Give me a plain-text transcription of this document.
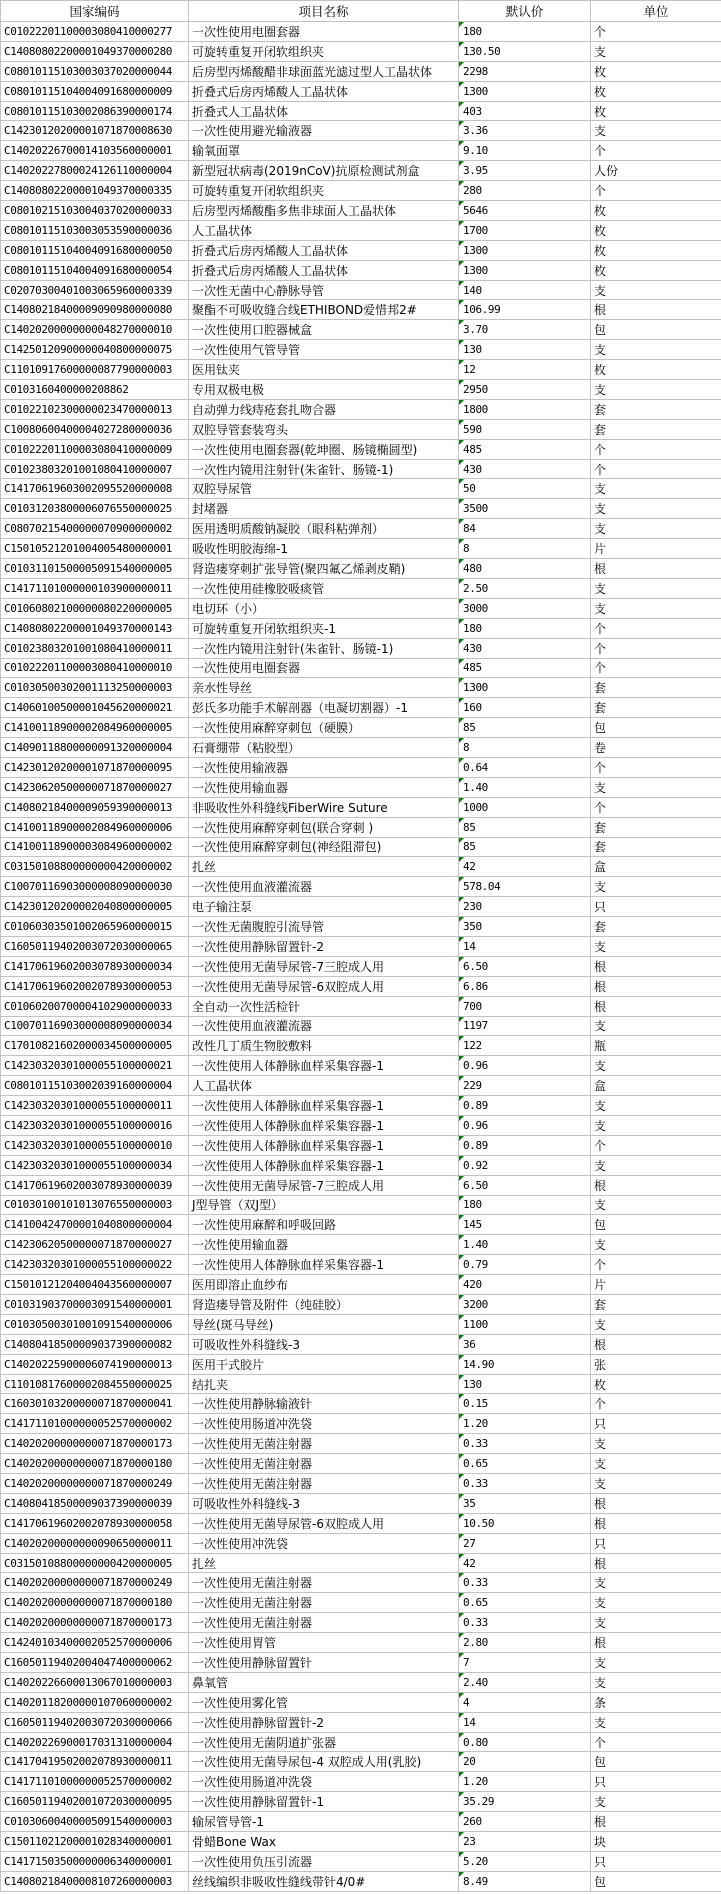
国家编码	项目名称	默认价	单位
C01022201100003080410000277	一次性使用电圈套器	180	个
C14080802200001049370000280	可旋转重复开闭软组织夹	130.50	支
C08010115103003037020000044	后房型丙烯酸醋非球面蓝光滤过型人工晶状体	2298	枚
C08010115104004091680000009	折叠式后房丙烯酸人工晶状体	1300	枚
C08010115103002086390000174	折叠式人工晶状体	403	枚
C14230120200001071870008630	一次性使用避光输液器	3.36	支
C14020226700014103560000001	输氧面罩	9.10	个
C14020227800024126110000004	新型冠状病毒(2019nCoV)抗原检测试剂盒	3.95	人份
C14080802200001049370000335	可旋转重复开闭软组织夹	280	个
C08010215103004037020000033	后房型丙烯酸酯多焦非球面人工晶状体	5646	枚
C08010115103003053590000036	人工晶状体	1700	枚
C08010115104004091680000050	折叠式后房丙烯酸人工晶状体	1300	枚
C08010115104004091680000054	折叠式后房丙烯酸人工晶状体	1300	枚
C02070300401003065960000339	一次性无菌中心静脉导管	140	支
C14080218400009090980000080	聚酯不可吸收缝合线ETHIBOND爱惜邦2#	106.99	根
C14020200000000048270000010	一次性使用口腔器械盒	3.70	包
C14250120900000040800000075	一次性使用气管导管	130	支
C11010917600000087790000003	医用钛夹	12	枚
C0103160400000208862	专用双极电极	2950	支
C01022102300000023470000013	自动弹力线痔疮套扎吻合器	1800	套
C10080600400004027280000036	双腔导管套装弯头	590	套
C01022201100003080410000009	一次性使用电圈套器(乾坤圈、肠镜椭圆型)	485	个
C01023803201001080410000007	一次性内镜用注射针(朱雀针、肠镜-1)	430	个
C14170619603002095520000008	双腔导尿管	50	支
C01031203800006076550000025	封堵器	3500	支
C08070215400000070900000002	医用透明质酸钠凝胶（眼科粘弹剂）	84	支
C15010521201004005480000001	吸收性明胶海绵-1	8	片
C01031101500005091540000005	肾造瘘穿刺扩张导管(聚四氟乙烯剥皮鞘)	480	根
C14171101000000103900000011	一次性使用硅橡胶吸痰管	2.50	支
C01060802100000080220000005	电切环（小）	3000	支
C14080802200001049370000143	可旋转重复开闭软组织夹-1	180	个
C01023803201001080410000011	一次性内镜用注射针(朱雀针、肠镜-1)	430	个
C01022201100003080410000010	一次性使用电圈套器	485	个
C01030500302001113250000003	亲水性导丝	1300	套
C14060100500001045620000021	彭氏多功能手术解剖器（电凝切割器）-1	160	套
C14100118900002084960000005	一次性使用麻醉穿刺包（硬膜）	85	包
C14090118800000091320000004	石膏绷带（粘胶型）	8	卷
C14230120200001071870000095	一次性使用输液器	0.64	个
C14230620500000071870000027	一次性使用输血器	1.40	支
C14080218400009059390000013	非吸收性外科缝线FiberWire Suture	1000	个
C14100118900002084960000006	一次性使用麻醉穿刺包(联合穿刺 )	85	套
C14100118900003084960000002	一次性使用麻醉穿刺包(神经阻滞包)	85	套
C03150108800000000420000002	扎丝	42	盒
C10070116903000008090000030	一次性使用血液灌流器	578.04	支
C14230120200002040800000005	电子输注泵	230	只
C01060303501002065960000015	一次性无菌腹腔引流导管	350	套
C16050119402003072030000065	一次性使用静脉留置针-2	14	支
C14170619602003078930000034	一次性使用无菌导尿管-7三腔成人用	6.50	根
C14170619602002078930000053	一次性使用无菌导尿管-6双腔成人用	6.86	根
C01060200700004102900000033	全自动一次性活检针	700	根
C10070116903000008090000034	一次性使用血液灌流器	1197	支
C17010821602000034500000005	改性几丁质生物胶敷料	122	瓶
C14230320301000055100000021	一次性使用人体静脉血样采集容器-1	0.96	支
C08010115103002039160000004	人工晶状体	229	盒
C14230320301000055100000011	一次性使用人体静脉血样采集容器-1	0.89	支
C14230320301000055100000016	一次性使用人体静脉血样采集容器-1	0.96	支
C14230320301000055100000010	一次性使用人体静脉血样采集容器-1	0.89	个
C14230320301000055100000034	一次性使用人体静脉血样采集容器-1	0.92	支
C14170619602003078930000039	一次性使用无菌导尿管-7三腔成人用	6.50	根
C01030100101013076550000003	J型导管（双J型）	180	支
C14100424700001040800000004	一次性使用麻醉和呼吸回路	145	包
C14230620500000071870000027	一次性使用输血器	1.40	支
C14230320301000055100000022	一次性使用人体静脉血样采集容器-1	0.79	个
C15010121204004043560000007	医用即溶止血纱布	420	片
C01031903700003091540000001	肾造瘘导管及附件（纯硅胶）	3200	套
C01030500301001091540000006	导丝(斑马导丝)	1100	支
C14080418500009037390000082	可吸收性外科缝线-3	36	根
C14020225900006074190000013	医用干式胶片	14.90	张
C11010817600002084550000025	结扎夹	130	枚
C16030103200000071870000041	一次性使用静脉输液针	0.15	个
C14171101000000052570000002	一次性使用肠道冲洗袋	1.20	只
C14020200000000071870000173	一次性使用无菌注射器	0.33	支
C14020200000000071870000180	一次性使用无菌注射器	0.65	支
C14020200000000071870000249	一次性使用无菌注射器	0.33	支
C14080418500009037390000039	可吸收性外科缝线-3	35	根
C14170619602002078930000058	一次性使用无菌导尿管-6双腔成人用	10.50	根
C14020200000000090650000011	一次性使用冲洗袋	27	只
C03150108800000000420000005	扎丝	42	根
C14020200000000071870000249	一次性使用无菌注射器	0.33	支
C14020200000000071870000180	一次性使用无菌注射器	0.65	支
C14020200000000071870000173	一次性使用无菌注射器	0.33	支
C14240103400002052570000006	一次性使用胃管	2.80	根
C16050119402004047400000062	一次性使用静脉留置针	7	支
C14020226600013067010000003	鼻氧管	2.40	支
C14020118200000107060000002	一次性使用雾化管	4	条
C16050119402003072030000066	一次性使用静脉留置针-2	14	支
C14020226900017031310000004	一次性使用无菌阴道扩张器	0.80	个
C14170419502002078930000011	一次性使用无菌导尿包-4 双腔成人用(乳胶)	20	包
C14171101000000052570000002	一次性使用肠道冲洗袋	1.20	只
C16050119402001072030000095	一次性使用静脉留置针-1	35.29	支
C01030600400005091540000003	输尿管导管-1	260	根
C15011021200001028340000001	骨蜡Bone Wax	23	块
C14171503500000006340000001	一次性使用负压引流器	5.20	只
C14080218400008107260000003	丝线编织非吸收性缝线带针4/0#	8.49	包
